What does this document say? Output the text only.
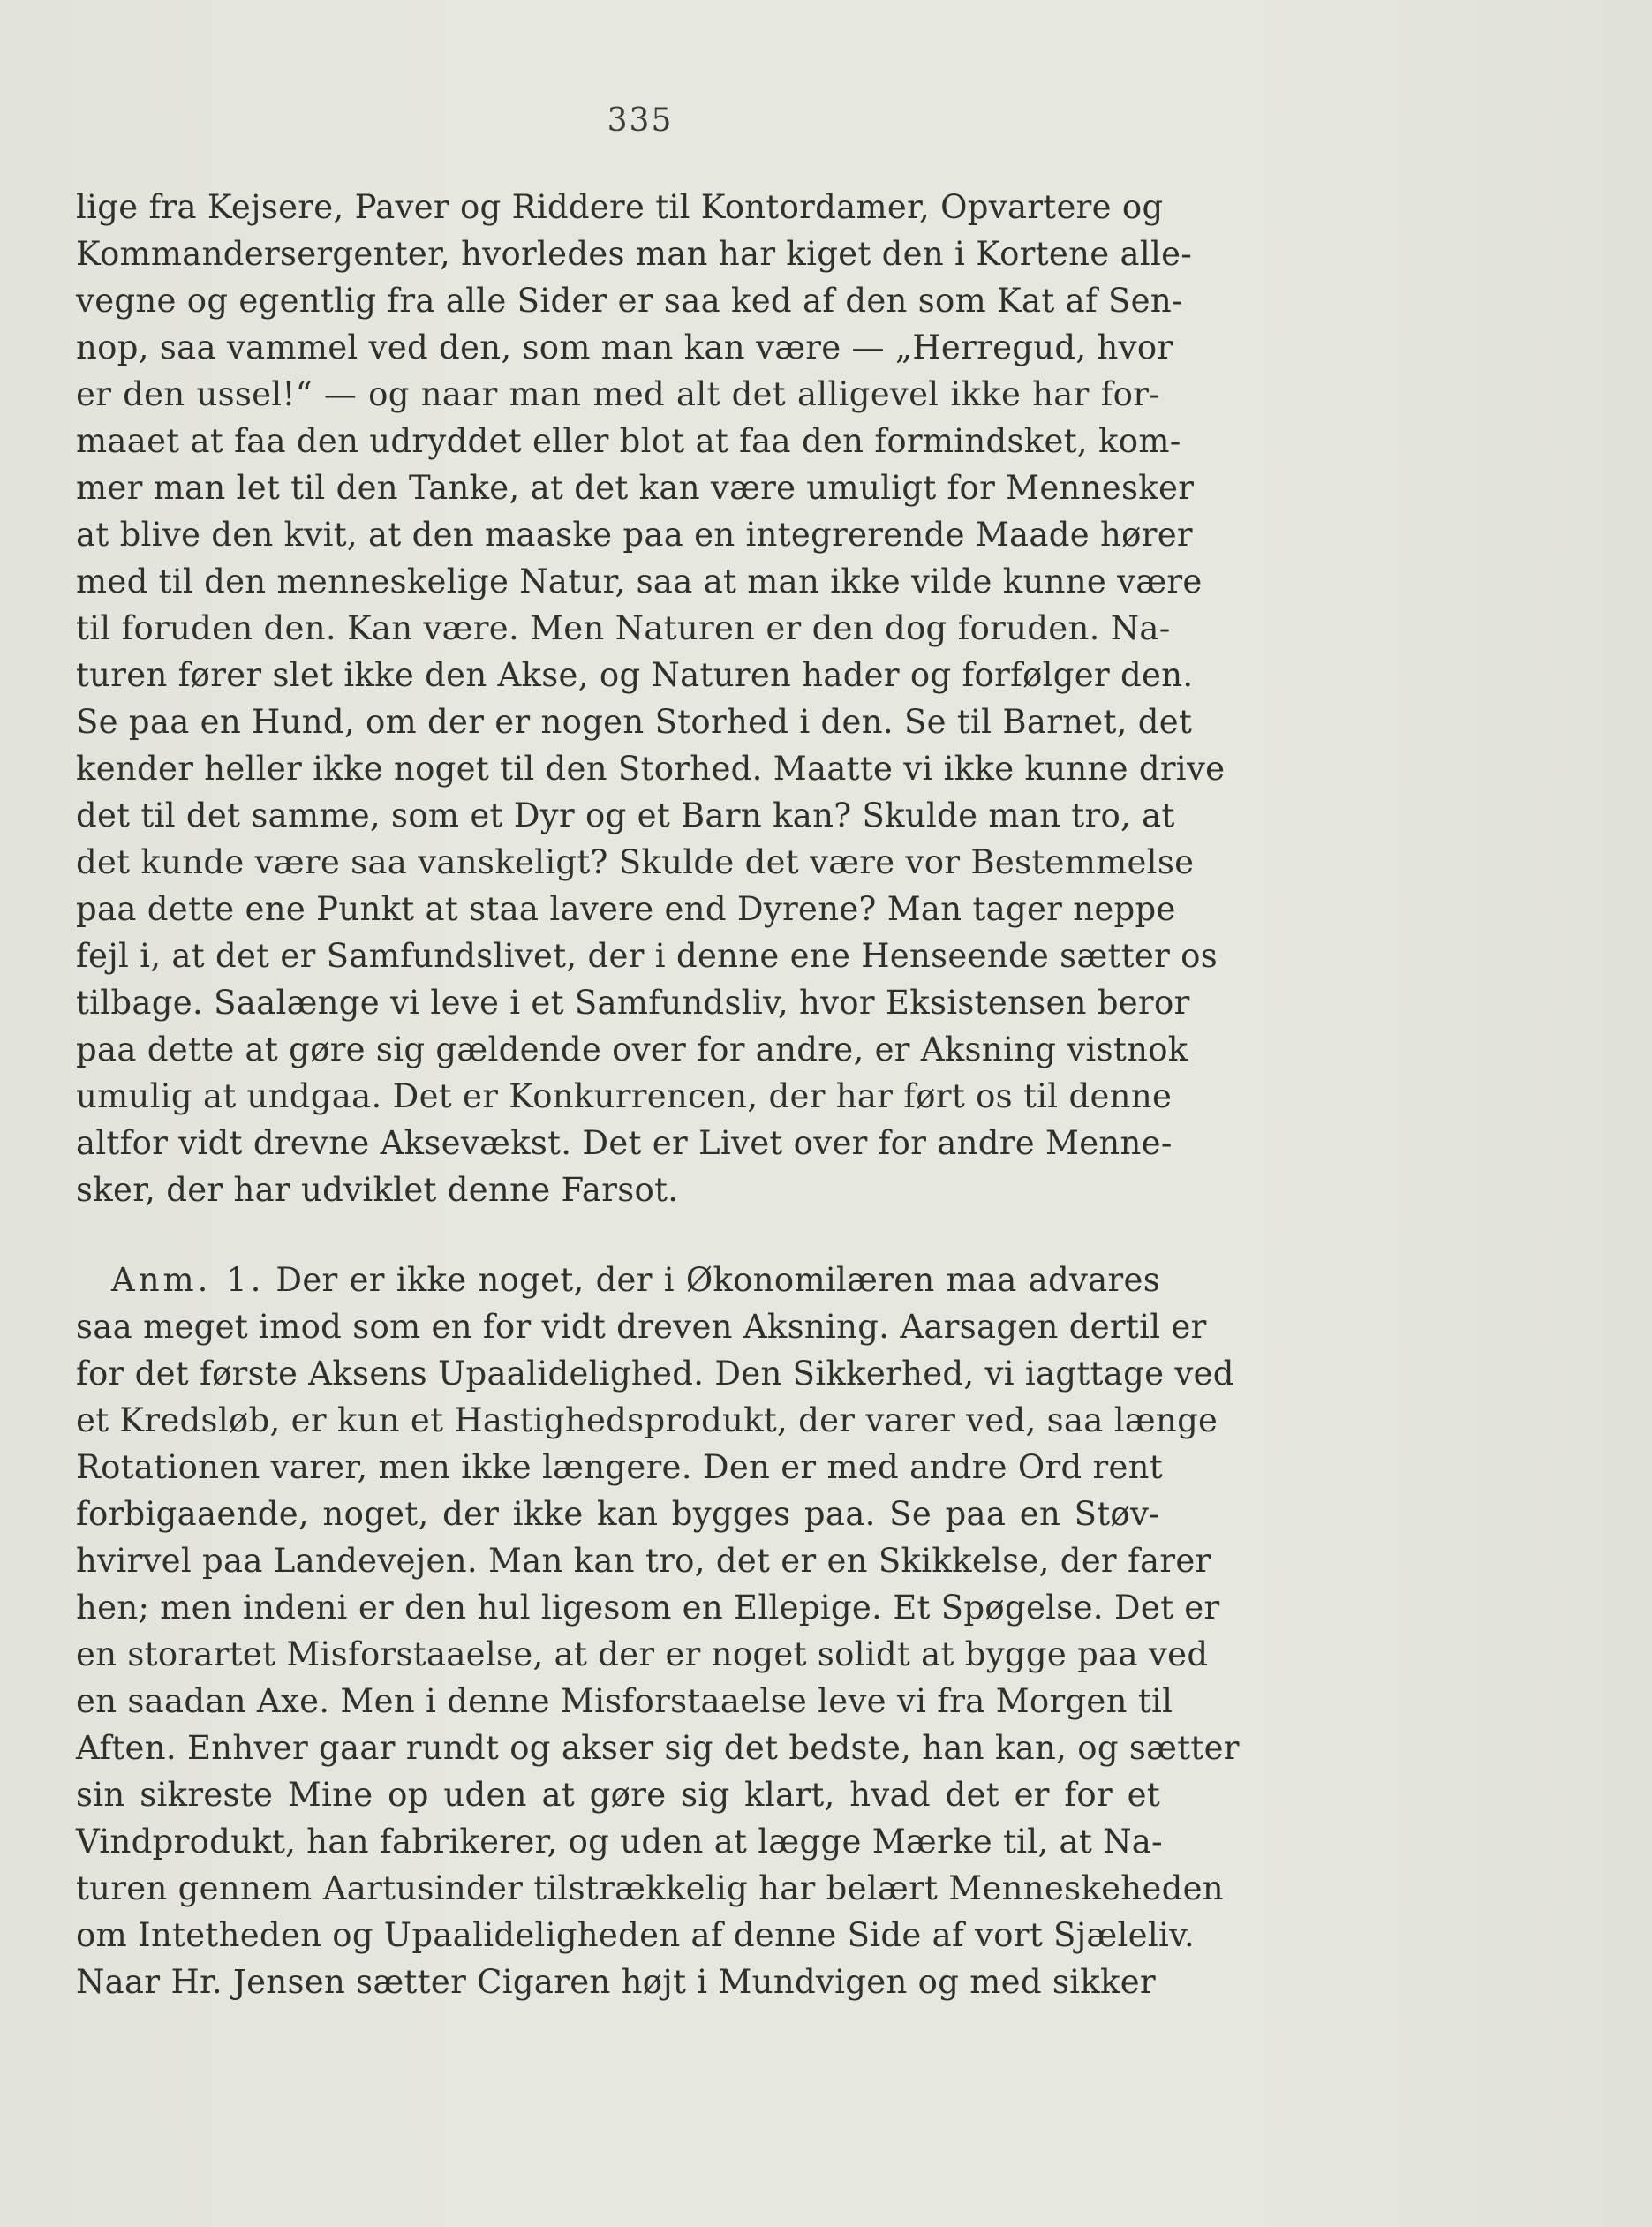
335
lige fra Kejsere, Paver og Riddere til Kontordamer, Opvartere og
Kommandersergenter, hvorledes man har kiget den i Kortene alle-
vegne og egentlig fra alle Sider er saa ked af den som Kat af Sen-
nop, saa vammel ved den, som man kan være — „Herregud, hvor
er den ussel!“ — og naar man med alt det alligevel ikke har for-
maaet at faa den udryddet eller blot at faa den formindsket, kom-
mer man let til den Tanke, at det kan være umuligt for Mennesker
at blive den kvit, at den maaske paa en integrerende Maade hører
med til den menneskelige Natur, saa at man ikke vilde kunne være
til foruden den. Kan være. Men Naturen er den dog foruden. Na-
turen fører slet ikke den Akse, og Naturen hader og forfølger den.
Se paa en Hund, om der er nogen Storhed i den. Se til Barnet, det
kender heller ikke noget til den Storhed. Maatte vi ikke kunne drive
det til det samme, som et Dyr og et Barn kan? Skulde man tro, at
det kunde være saa vanskeligt? Skulde det være vor Bestemmelse
paa dette ene Punkt at staa lavere end Dyrene? Man tager neppe
fejl i, at det er Samfundslivet, der i denne ene Henseende sætter os
tilbage. Saalænge vi leve i et Samfundsliv, hvor Eksistensen beror
paa dette at gøre sig gældende over for andre, er Aksning vistnok
umulig at undgaa. Det er Konkurrencen, der har ført os til denne
altfor vidt drevne Aksevækst. Det er Livet over for andre Menne-
sker, der har udviklet denne Farsot.
Anm. 1. Der er ikke noget, der i Økonomilæren maa advares
saa meget imod som en for vidt dreven Aksning. Aarsagen dertil er
for det første Aksens Upaalidelighed. Den Sikkerhed, vi iagttage ved
et Kredsløb, er kun et Hastighedsprodukt, der varer ved, saa længe
Rotationen varer, men ikke længere. Den er med andre Ord rent
forbigaaende, noget, der ikke kan bygges paa. Se paa en Støv-
hvirvel paa Landevejen. Man kan tro, det er en Skikkelse, der farer
hen; men indeni er den hul ligesom en Ellepige. Et Spøgelse. Det er
en storartet Misforstaaelse, at der er noget solidt at bygge paa ved
en saadan Axe. Men i denne Misforstaaelse leve vi fra Morgen til
Aften. Enhver gaar rundt og akser sig det bedste, han kan, og sætter
sin sikreste Mine op uden at gøre sig klart, hvad det er for et
Vindprodukt, han fabrikerer, og uden at lægge Mærke til, at Na-
turen gennem Aartusinder tilstrækkelig har belært Menneskeheden
om Intetheden og Upaalideligheden af denne Side af vort Sjæleliv.
Naar Hr. Jensen sætter Cigaren højt i Mundvigen og med sikker
